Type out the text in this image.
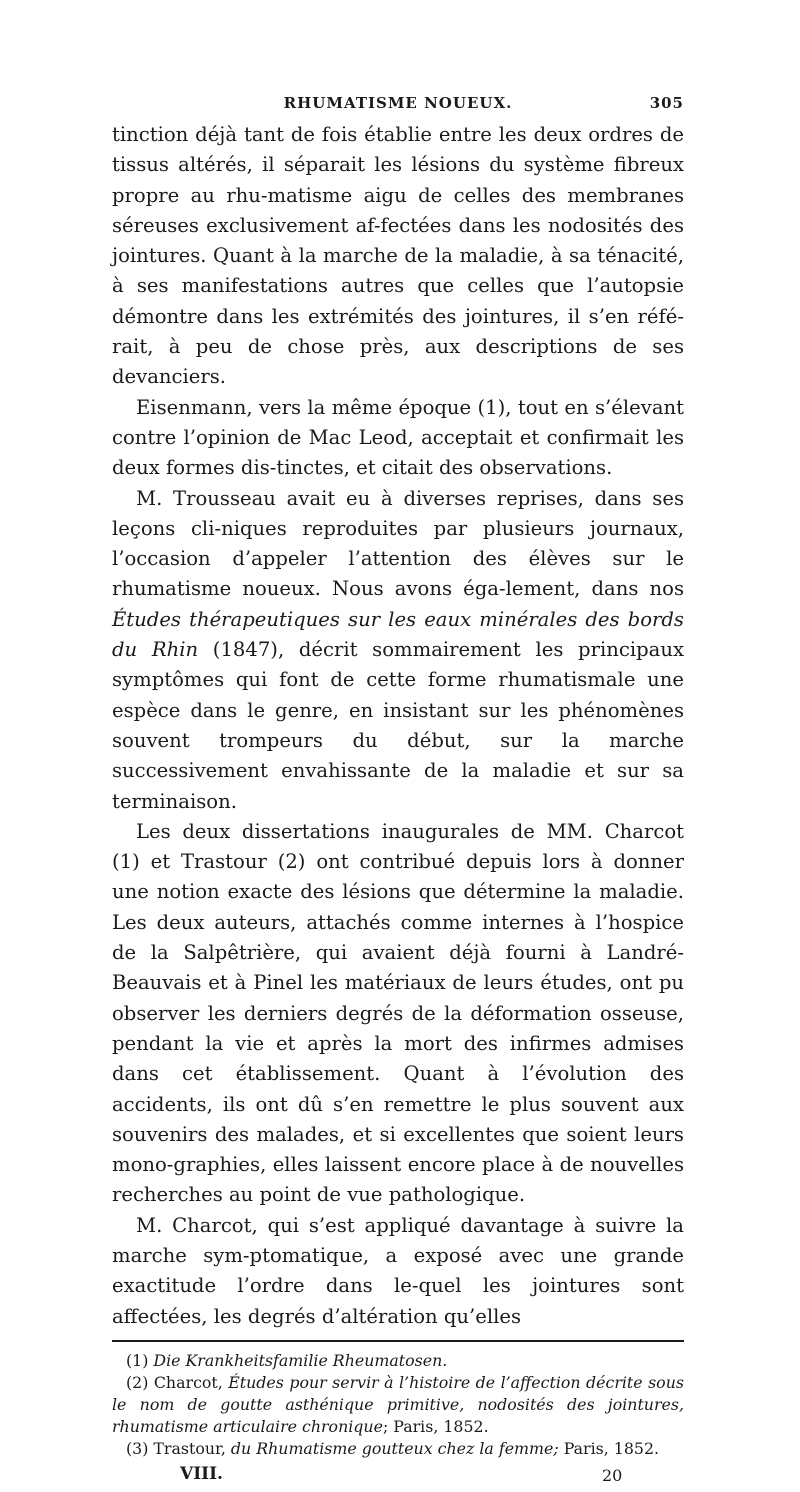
RHUMATISME NOUEUX.	305

tinction déjà tant de fois établie entre les deux ordres de tissus altérés, il séparait les lésions du système fibreux propre au rhu-matisme aigu de celles des membranes séreuses exclusivement af-fectées dans les nodosités des jointures. Quant à la marche de la maladie, à sa ténacité, à ses manifestations autres que celles que l’autopsie démontre dans les extrémités des jointures, il s’en réfé-rait, à peu de chose près, aux descriptions de ses devanciers.

Eisenmann, vers la même époque (1), tout en s’élevant contre l’opinion de Mac Leod, acceptait et confirmait les deux formes dis-tinctes, et citait des observations.

M. Trousseau avait eu à diverses reprises, dans ses leçons cli-niques reproduites par plusieurs journaux, l’occasion d’appeler l’attention des élèves sur le rhumatisme noueux. Nous avons éga-lement, dans nos Études thérapeutiques sur les eaux minérales des bords du Rhin (1847), décrit sommairement les principaux symptômes qui font de cette forme rhumatismale une espèce dans le genre, en insistant sur les phénomènes souvent trompeurs du début, sur la marche successivement envahissante de la maladie et sur sa terminaison.

Les deux dissertations inaugurales de MM. Charcot (1) et Trastour (2) ont contribué depuis lors à donner une notion exacte des lésions que détermine la maladie. Les deux auteurs, attachés comme internes à l’hospice de la Salpêtrière, qui avaient déjà fourni à Landré-Beauvais et à Pinel les matériaux de leurs études, ont pu observer les derniers degrés de la déformation osseuse, pendant la vie et après la mort des infirmes admises dans cet établissement. Quant à l’évolution des accidents, ils ont dû s’en remettre le plus souvent aux souvenirs des malades, et si excellentes que soient leurs mono-graphies, elles laissent encore place à de nouvelles recherches au point de vue pathologique.

M. Charcot, qui s’est appliqué davantage à suivre la marche sym-ptomatique, a exposé avec une grande exactitude l’ordre dans le-quel les jointures sont affectées, les degrés d’altération qu’elles

(1) Die Krankheitsfamilie Rheumatosen.

(2) Charcot, Études pour servir à l’histoire de l’affection décrite sous le nom de goutte asthénique primitive, nodosités des jointures, rhumatisme articulaire chronique; Paris, 1852.

(3) Trastour, du Rhumatisme goutteux chez la femme; Paris, 1852.

VIII.	20
